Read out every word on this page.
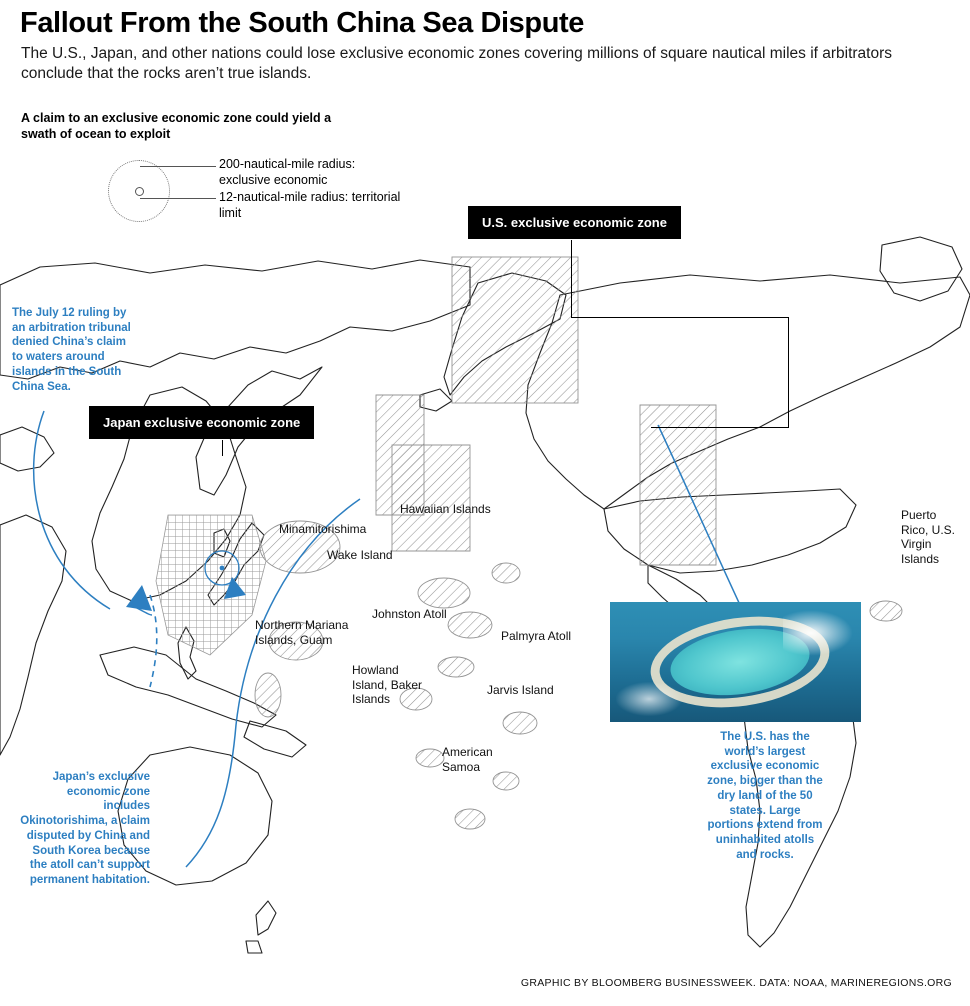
Fallout From the South China Sea Dispute
The U.S., Japan, and other nations could lose exclusive economic zones covering millions of square nautical miles if arbitrators conclude that the rocks aren’t true islands.
A claim to an exclusive economic zone could yield a swath of ocean to exploit
200-nautical-mile radius: exclusive economic
12-nautical-mile radius: territorial limit
U.S. exclusive economic zone
Japan exclusive economic zone
The July 12 ruling by an arbitration tribunal denied China’s claim to waters around islands in the South China Sea.
Japan’s exclusive economic zone includes Okinotorishima, a claim disputed by China and South Korea because the atoll can’t support permanent habitation.
The U.S. has the world’s largest exclusive economic zone, bigger than the dry land of the 50 states. Large portions extend from uninhabited atolls and rocks.
Hawaiian Islands
Minamitorishima
Wake Island
Northern Mariana Islands, Guam
Johnston Atoll
Palmyra Atoll
Howland Island, Baker Islands
Jarvis Island
American Samoa
Puerto Rico, U.S. Virgin Islands
GRAPHIC BY BLOOMBERG BUSINESSWEEK. DATA: NOAA, MARINEREGIONS.ORG
